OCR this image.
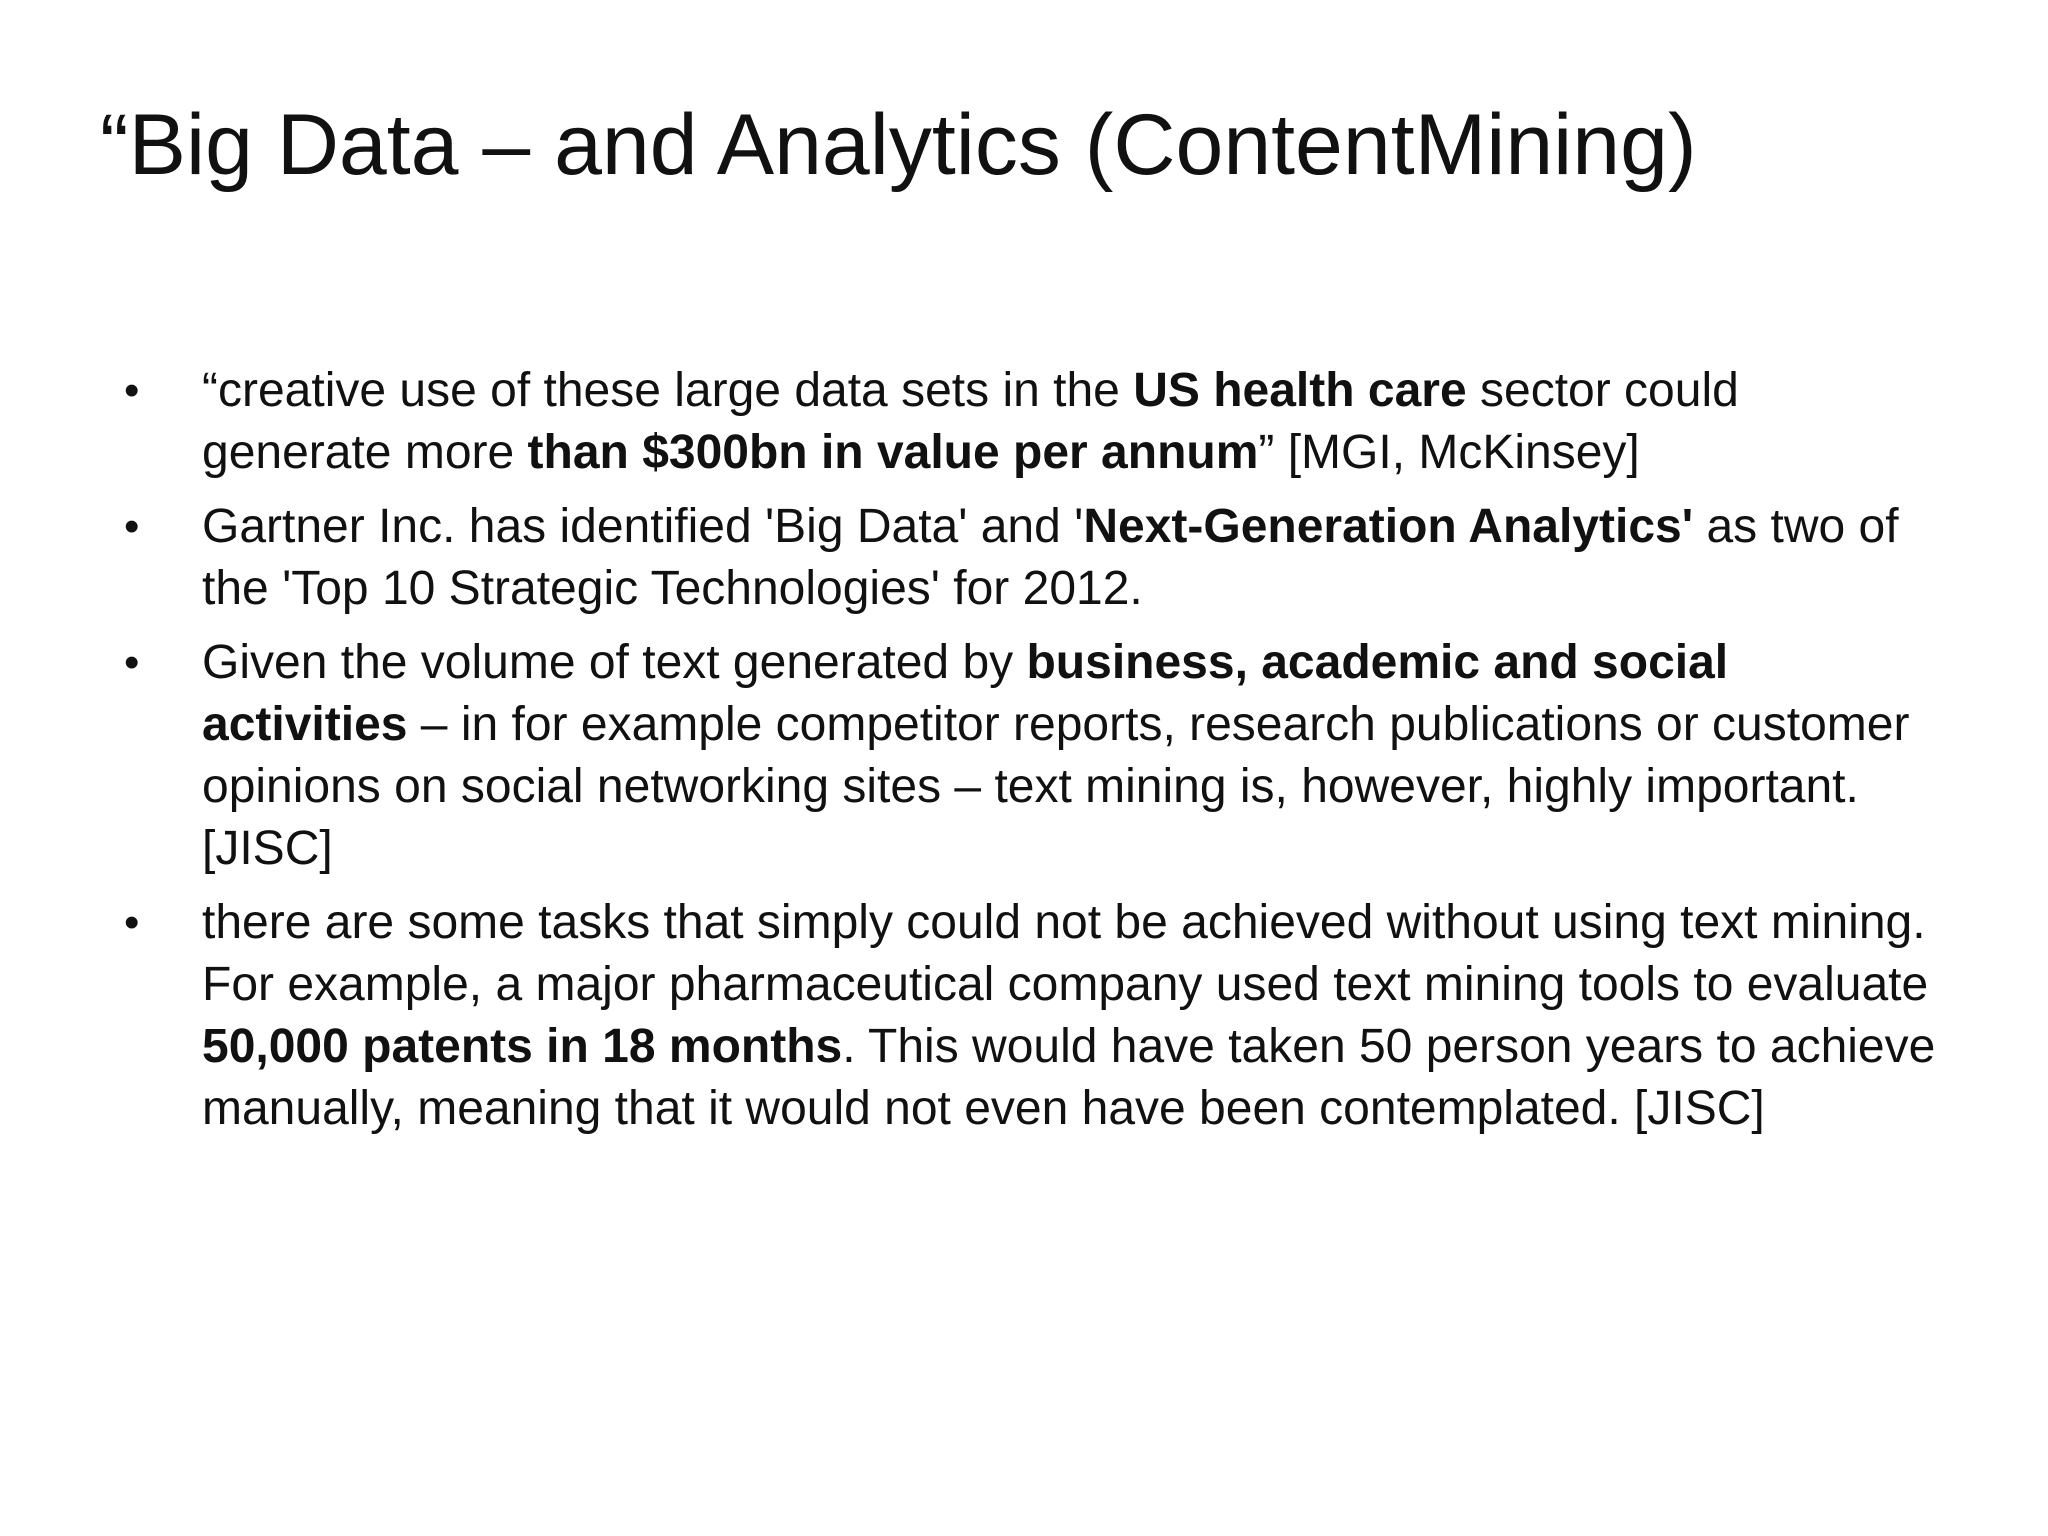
“Big Data – and Analytics (ContentMining)
• “creative use of these large data sets in the US health care sector could generate more than $300bn in value per annum” [MGI, McKinsey]
• Gartner Inc. has identified 'Big Data' and 'Next-Generation Analytics' as two of the 'Top 10 Strategic Technologies' for 2012.
• Given the volume of text generated by business, academic and social activities – in for example competitor reports, research publications or customer opinions on social networking sites – text mining is, however, highly important. [JISC]
• there are some tasks that simply could not be achieved without using text mining. For example, a major pharmaceutical company used text mining tools to evaluate 50,000 patents in 18 months. This would have taken 50 person years to achieve manually, meaning that it would not even have been contemplated. [JISC]
